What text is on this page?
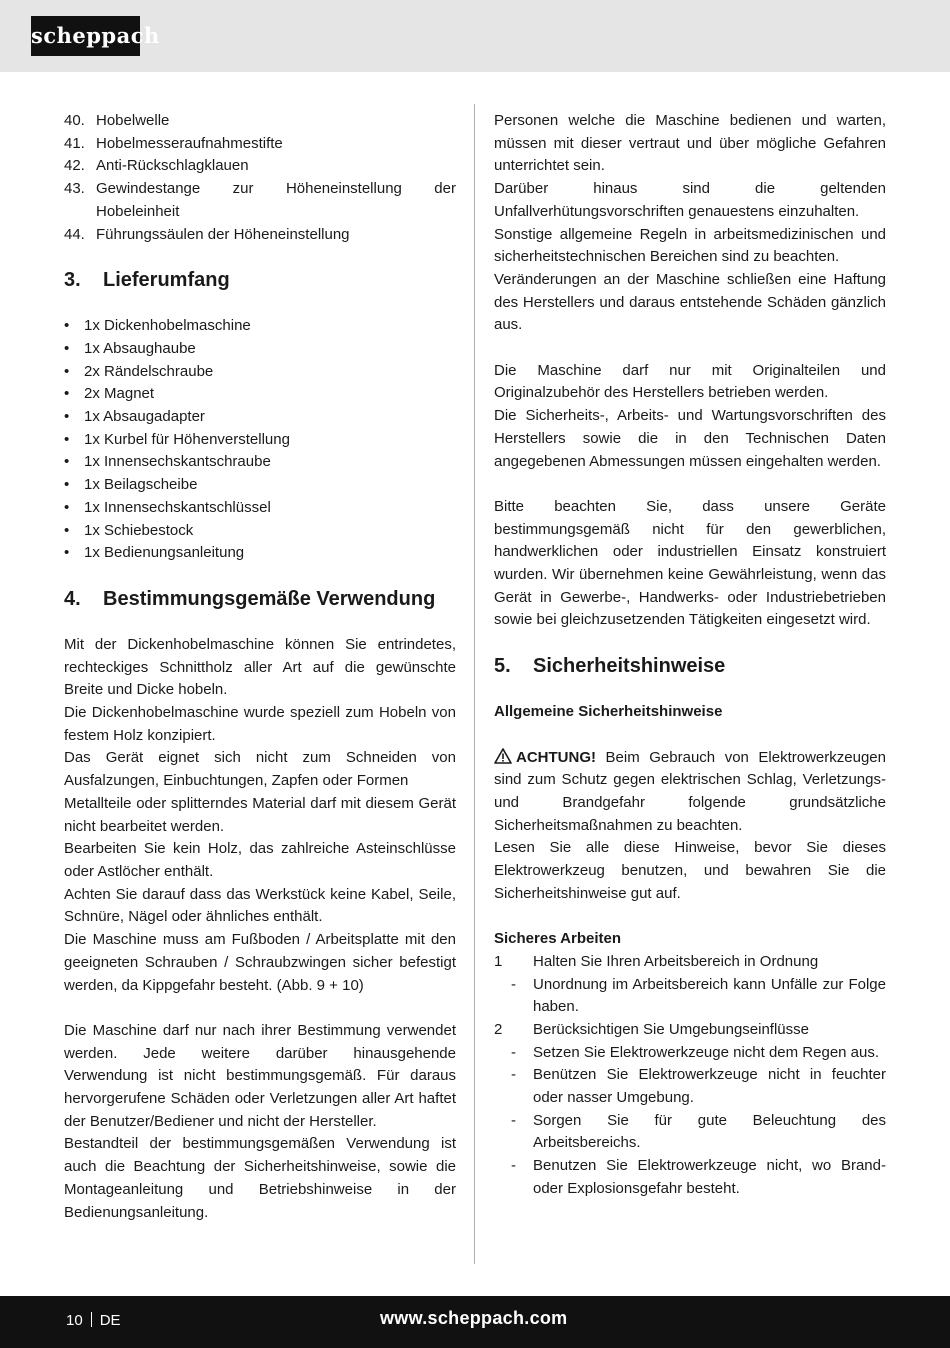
scheppach
40. Hobelwelle
41. Hobelmesseraufnahmestifte
42. Anti-Rückschlagklauen
43. Gewindestange zur Höheneinstellung der Hobeleinheit
44. Führungssäulen der Höheneinstellung
3.	Lieferumfang
• 1x Dickenhobelmaschine
• 1x Absaughaube
• 2x Rändelschraube
• 2x Magnet
• 1x Absaugadapter
• 1x Kurbel für Höhenverstellung
• 1x Innensechskantschraube
• 1x Beilagscheibe
• 1x Innensechskantschlüssel
• 1x Schiebestock
• 1x Bedienungsanleitung
4.	Bestimmungsgemäße Verwendung

Mit der Dickenhobelmaschine können Sie entrindetes, rechteckiges Schnittholz aller Art auf die gewünschte Breite und Dicke hobeln.

Die Dickenhobelmaschine wurde speziell zum Hobeln von festem Holz konzipiert.

Das Gerät eignet sich nicht zum Schneiden von Ausfalzungen, Einbuchtungen, Zapfen oder Formen

Metallteile oder splitterndes Material darf mit diesem Gerät nicht bearbeitet werden.

Bearbeiten Sie kein Holz, das zahlreiche Asteinschlüsse oder Astlöcher enthält.

Achten Sie darauf dass das Werkstück keine Kabel, Seile, Schnüre, Nägel oder ähnliches enthält.

Die Maschine muss am Fußboden / Arbeitsplatte mit den geeigneten Schrauben / Schraubzwingen sicher befestigt werden, da Kippgefahr besteht. (Abb. 9 + 10)

Die Maschine darf nur nach ihrer Bestimmung verwendet werden. Jede weitere darüber hinausgehende Verwendung ist nicht bestimmungsgemäß. Für daraus hervorgerufene Schäden oder Verletzungen aller Art haftet der Benutzer/Bediener und nicht der Hersteller.

Bestandteil der bestimmungsgemäßen Verwendung ist auch die Beachtung der Sicherheitshinweise, sowie die Montageanleitung und Betriebshinweise in der Bedienungsanleitung.

Personen welche die Maschine bedienen und warten, müssen mit dieser vertraut und über mögliche Gefahren unterrichtet sein.

Darüber hinaus sind die geltenden Unfallverhütungsvorschriften genauestens einzuhalten.

Sonstige allgemeine Regeln in arbeitsmedizinischen und sicherheitstechnischen Bereichen sind zu beachten.

Veränderungen an der Maschine schließen eine Haftung des Herstellers und daraus entstehende Schäden gänzlich aus.

Die Maschine darf nur mit Originalteilen und Originalzubehör des Herstellers betrieben werden.

Die Sicherheits-, Arbeits- und Wartungsvorschriften des Herstellers sowie die in den Technischen Daten angegebenen Abmessungen müssen eingehalten werden.

Bitte beachten Sie, dass unsere Geräte bestimmungsgemäß nicht für den gewerblichen, handwerklichen oder industriellen Einsatz konstruiert wurden. Wir übernehmen keine Gewährleistung, wenn das Gerät in Gewerbe-, Handwerks- oder Industriebetrieben sowie bei gleichzusetzenden Tätigkeiten eingesetzt wird.

5.	Sicherheitshinweise

Allgemeine Sicherheitshinweise

ACHTUNG! Beim Gebrauch von Elektrowerkzeugen sind zum Schutz gegen elektrischen Schlag, Verletzungs- und Brandgefahr folgende grundsätzliche Sicherheitsmaßnahmen zu beachten.

Lesen Sie alle diese Hinweise, bevor Sie dieses Elektrowerkzeug benutzen, und bewahren Sie die Sicherheitshinweise gut auf.

Sicheres Arbeiten

1	Halten Sie Ihren Arbeitsbereich in Ordnung
-	Unordnung im Arbeitsbereich kann Unfälle zur Folge haben.
2	Berücksichtigen Sie Umgebungseinflüsse
-	Setzen Sie Elektrowerkzeuge nicht dem Regen aus.
-	Benützen Sie Elektrowerkzeuge nicht in feuchter oder nasser Umgebung.
-	Sorgen Sie für gute Beleuchtung des Arbeitsbereichs.
-	Benutzen Sie Elektrowerkzeuge nicht, wo Brand- oder Explosionsgefahr besteht.
10 DE	www.scheppach.com
